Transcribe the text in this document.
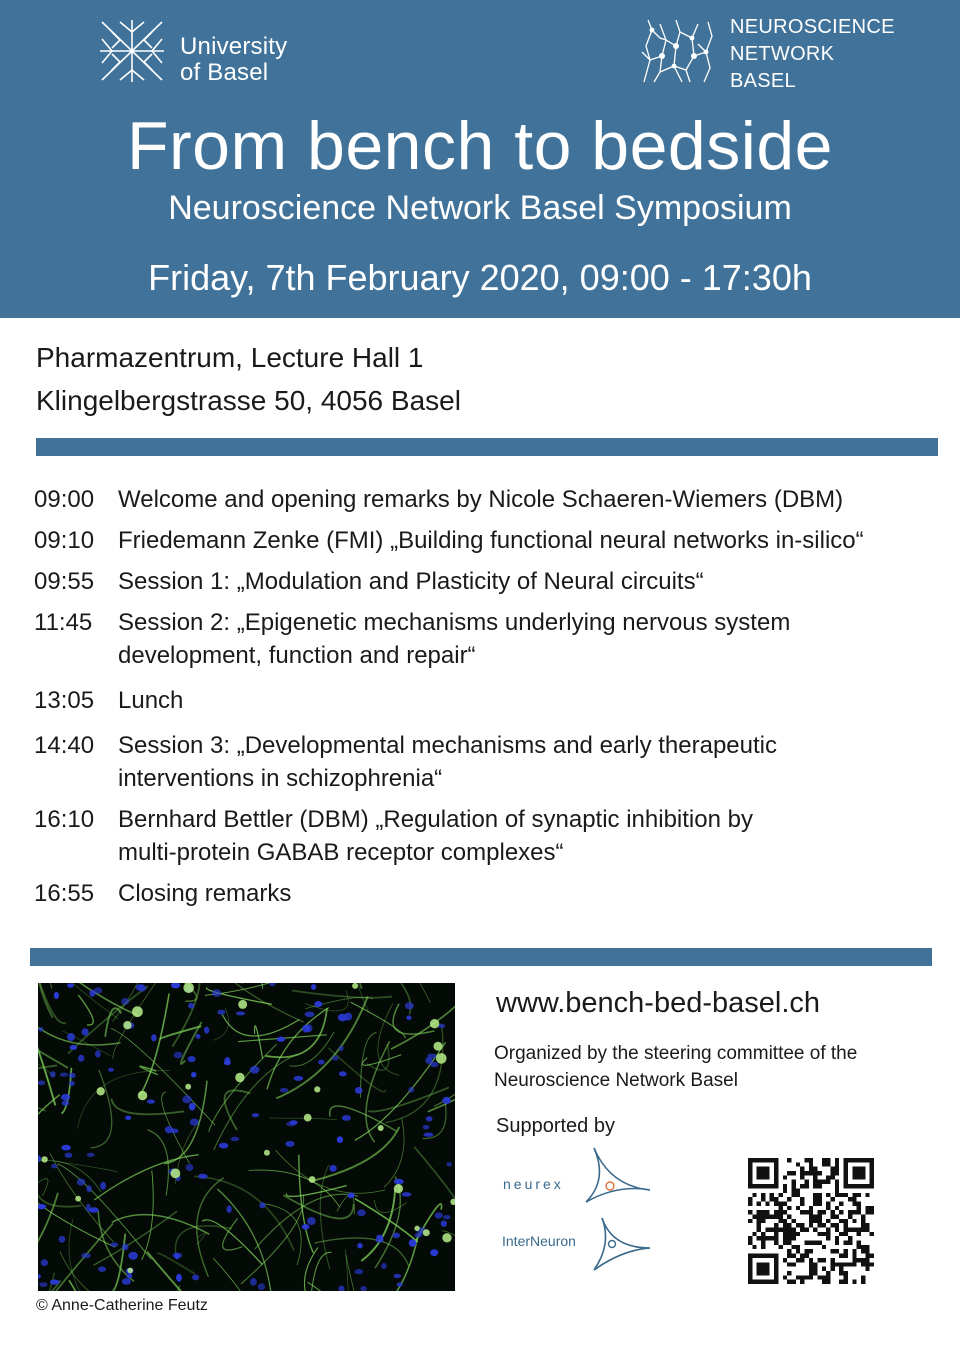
University
of Basel
NEUROSCIENCE
NETWORK
BASEL
From bench to bedside
Neuroscience Network Basel Symposium
Friday, 7th February 2020, 09:00 - 17:30h
Pharmazentrum, Lecture Hall 1
Klingelbergstrasse 50, 4056 Basel
09:00 Welcome and opening remarks by Nicole Schaeren-Wiemers (DBM)
09:10 Friedemann Zenke (FMI) „Building functional neural networks in-silico“
09:55 Session 1: „Modulation and Plasticity of Neural circuits“
11:45	Session 2: „Epigenetic mechanisms underlying nervous system
development, function and repair“
13:05 Lunch
14:40 Session 3: „Developmental mechanisms and early therapeutic
interventions in schizophrenia“
16:10 Bernhard Bettler (DBM) „Regulation of synaptic inhibition by
multi-protein GABAB receptor complexes“
16:55 Closing remarks
© Anne-Catherine Feutz
www.bench-bed-basel.ch
Organized by the steering committee of the Neuroscience Network Basel
Supported by
neurex
InterNeuron
